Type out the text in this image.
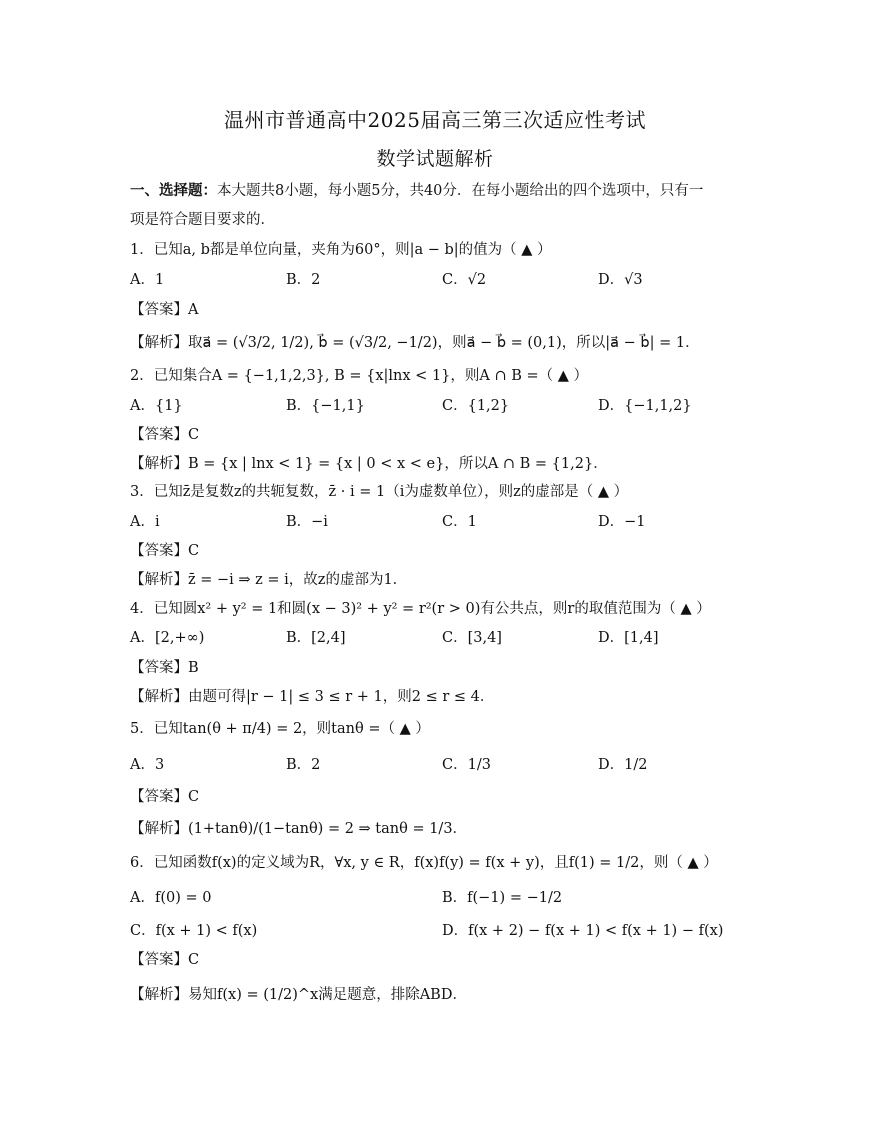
温州市普通高中2025届高三第三次适应性考试
数学试题解析
一、选择题：本大题共8小题，每小题5分，共40分．在每小题给出的四个选项中，只有一
项是符合题目要求的．
1．已知a, b都是单位向量，夹角为60°，则|a − b|的值为（ ▲ ）
A．1	B．2	C．√2	D．√3
【答案】A
【解析】取a⃗ = (√3/2, 1/2), b⃗ = (√3/2, −1/2)，则a⃗ − b⃗ = (0,1)，所以|a⃗ − b⃗| = 1．
2．已知集合A = {−1,1,2,3}, B = {x|lnx < 1}，则A ∩ B =（ ▲ ）
A．{1}	B．{−1,1}	C．{1,2}	D．{−1,1,2}
【答案】C
【解析】B = {x | lnx < 1} = {x | 0 < x < e}，所以A ∩ B = {1,2}．
3．已知z̄是复数z的共轭复数，z̄ · i = 1（i为虚数单位），则z的虚部是（ ▲ ）
A．i	B．−i	C．1	D．−1
【答案】C
【解析】z̄ = −i ⇒ z = i，故z的虚部为1．
4．已知圆x² + y² = 1和圆(x − 3)² + y² = r²(r > 0)有公共点，则r的取值范围为（ ▲ ）
A．[2,+∞)	B．[2,4]	C．[3,4]	D．[1,4]
【答案】B
【解析】由题可得|r − 1| ≤ 3 ≤ r + 1，则2 ≤ r ≤ 4．
5．已知tan(θ + π/4) = 2，则tanθ =（ ▲ ）
A．3	B．2	C．1/3	D．1/2
【答案】C
【解析】(1+tanθ)/(1−tanθ) = 2 ⇒ tanθ = 1/3．
6．已知函数f(x)的定义域为R，∀x, y ∈ R，f(x)f(y) = f(x + y)，且f(1) = 1/2，则（ ▲ ）
A．f(0) = 0	B．f(−1) = −1/2
C．f(x + 1) < f(x)	D．f(x + 2) − f(x + 1) < f(x + 1) − f(x)
【答案】C
【解析】易知f(x) = (1/2)^x满足题意，排除ABD．
